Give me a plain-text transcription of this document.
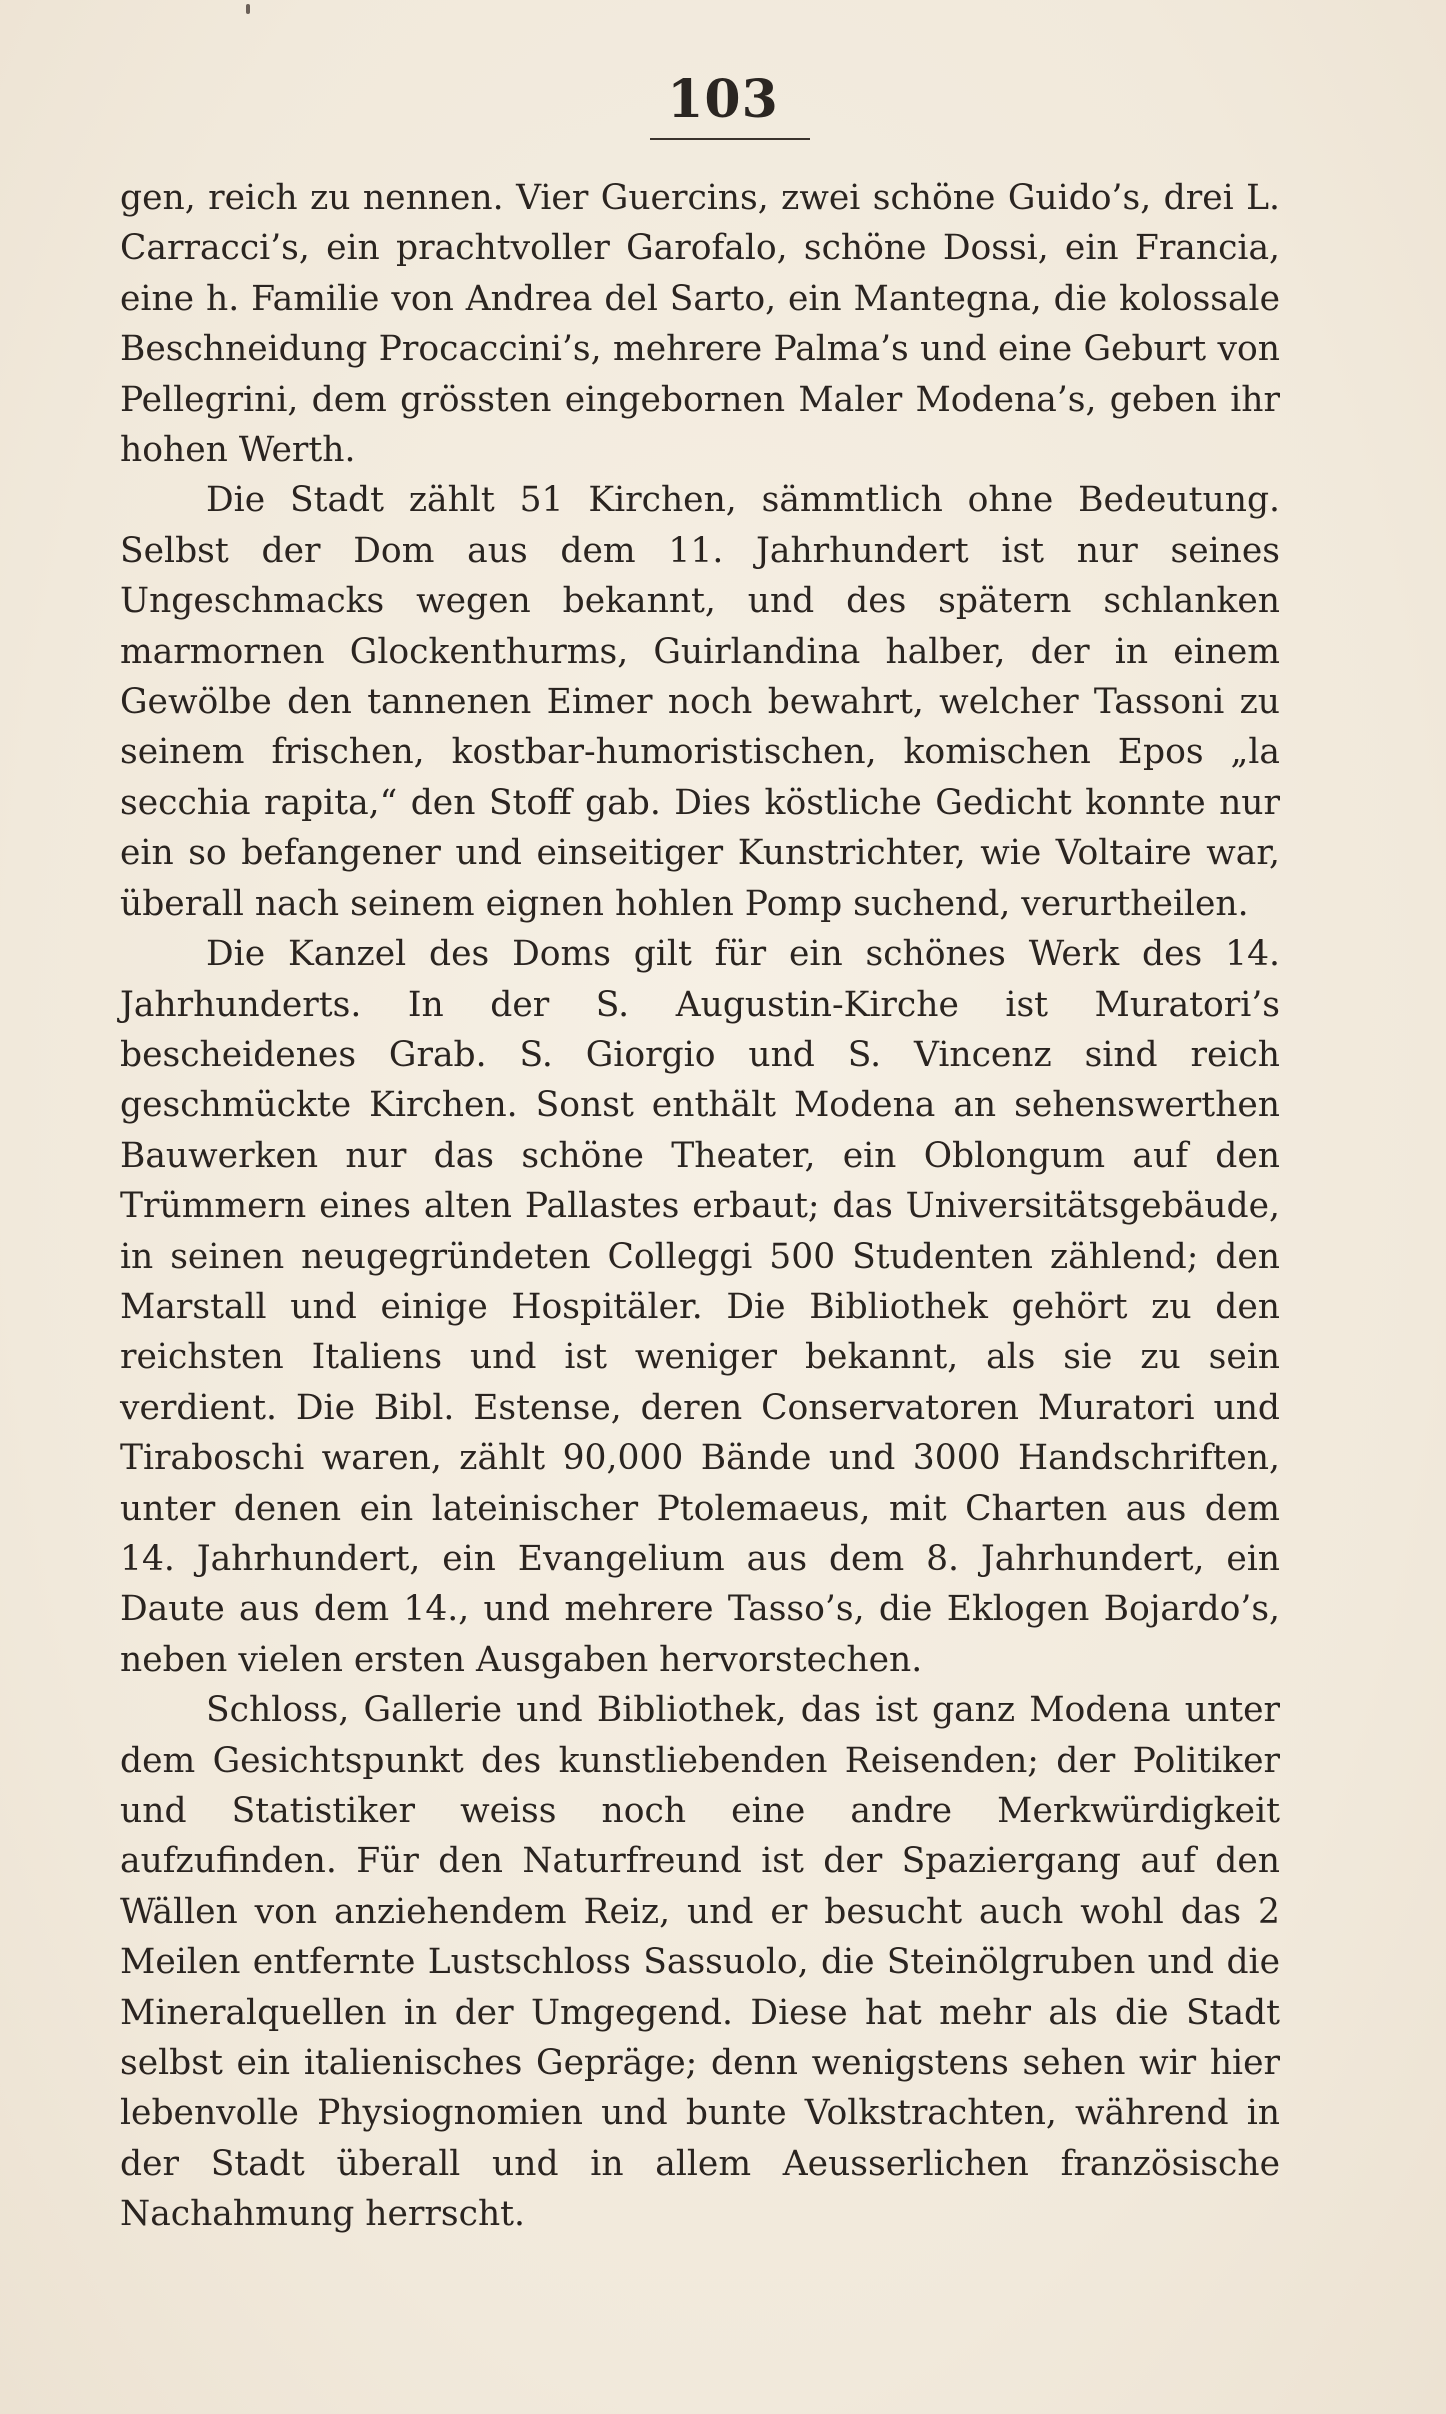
103

gen, reich zu nennen. Vier Guercins, zwei schöne Guido’s, drei L. Carracci’s, ein prachtvoller Garofalo, schöne Dossi, ein Francia, eine h. Familie von Andrea del Sarto, ein Mantegna, die kolossale Beschneidung Procaccini’s, mehrere Palma’s und eine Geburt von Pellegrini, dem grössten eingebornen Maler Modena’s, geben ihr hohen Werth.

Die Stadt zählt 51 Kirchen, sämmtlich ohne Bedeutung. Selbst der Dom aus dem 11. Jahrhundert ist nur seines Ungeschmacks wegen bekannt, und des spätern schlanken marmornen Glockenthurms, Guirlandina halber, der in einem Gewölbe den tannenen Eimer noch bewahrt, welcher Tassoni zu seinem frischen, kostbar-humoristischen, komischen Epos „la secchia rapita,“ den Stoff gab. Dies köstliche Gedicht konnte nur ein so befangener und einseitiger Kunstrichter, wie Voltaire war, überall nach seinem eignen hohlen Pomp suchend, verurtheilen.

Die Kanzel des Doms gilt für ein schönes Werk des 14. Jahrhunderts. In der S. Augustin-Kirche ist Muratori’s bescheidenes Grab. S. Giorgio und S. Vincenz sind reich geschmückte Kirchen. Sonst enthält Modena an sehenswerthen Bauwerken nur das schöne Theater, ein Oblongum auf den Trümmern eines alten Pallastes erbaut; das Universitätsgebäude, in seinen neugegründeten Colleggi 500 Studenten zählend; den Marstall und einige Hospitäler. Die Bibliothek gehört zu den reichsten Italiens und ist weniger bekannt, als sie zu sein verdient. Die Bibl. Estense, deren Conservatoren Muratori und Tiraboschi waren, zählt 90,000 Bände und 3000 Handschriften, unter denen ein lateinischer Ptolemaeus, mit Charten aus dem 14. Jahrhundert, ein Evangelium aus dem 8. Jahrhundert, ein Daute aus dem 14., und mehrere Tasso’s, die Eklogen Bojardo’s, neben vielen ersten Ausgaben hervorstechen.

Schloss, Gallerie und Bibliothek, das ist ganz Modena unter dem Gesichtspunkt des kunstliebenden Reisenden; der Politiker und Statistiker weiss noch eine andre Merkwürdigkeit aufzufinden. Für den Naturfreund ist der Spaziergang auf den Wällen von anziehendem Reiz, und er besucht auch wohl das 2 Meilen entfernte Lustschloss Sassuolo, die Steinölgruben und die Mineralquellen in der Umgegend. Diese hat mehr als die Stadt selbst ein italienisches Gepräge; denn wenigstens sehen wir hier lebenvolle Physiognomien und bunte Volkstrachten, während in der Stadt überall und in allem Aeusserlichen französische Nachahmung herrscht.
